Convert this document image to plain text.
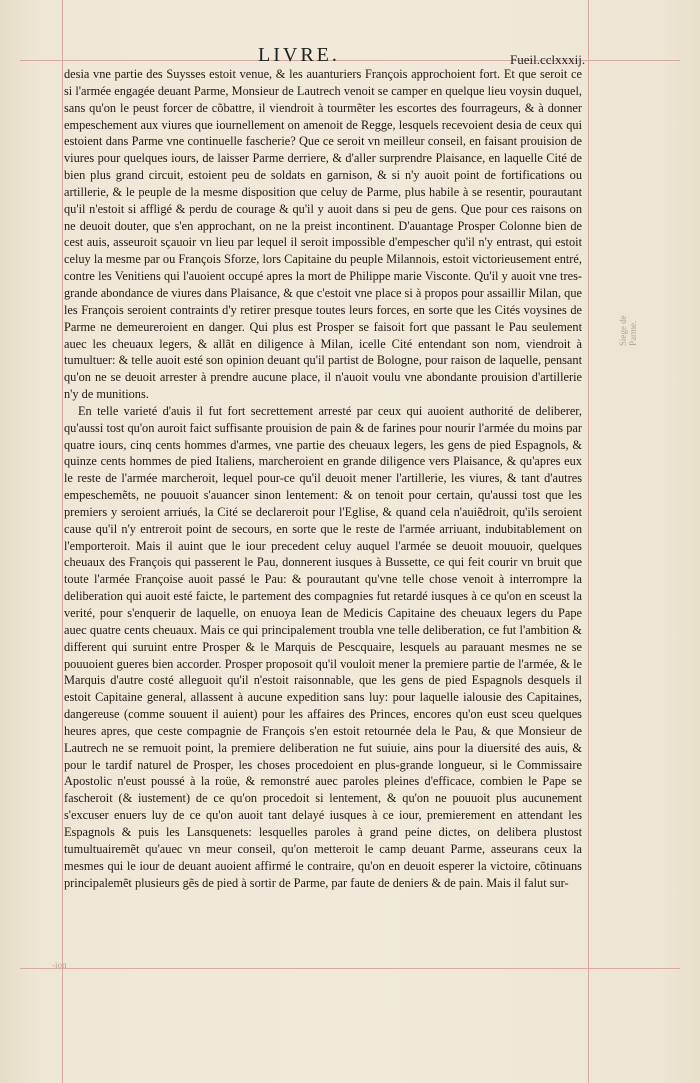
LIVRE.	Fueil.cclxxxij.
Siege de Parme.

desia vne partie des Suysses estoit venue, & les auanturiers François approchoient fort. Et que seroit ce si l'armée engagée deuant Parme, Monsieur de Lautrech venoit se camper en quelque lieu voysin duquel, sans qu'on le peust forcer de cõbattre, il viendroit à tourmẽter les escortes des fourrageurs, & à donner empeschement aux viures que iournellement on amenoit de Regge, lesquels recevoient desia de ceux qui estoient dans Parme vne continuelle fascherie? Que ce seroit vn meilleur conseil, en faisant prouision de viures pour quelques iours, de laisser Parme derriere, & d'aller surprendre Plaisance, en laquelle Cité de bien plus grand circuit, estoient peu de soldats en garnison, & si n'y auoit point de fortifications ou artillerie, & le peuple de la mesme disposition que celuy de Parme, plus habile à se resentir, pourautant qu'il n'estoit si affligé & perdu de courage & qu'il y auoit dans si peu de gens. Que pour ces raisons on ne deuoit douter, que s'en approchant, on ne la preist incontinent. D'auantage Prosper Colonne bien de cest auis, asseuroit sçauoir vn lieu par lequel il seroit impossible d'empescher qu'il n'y entrast, qui estoit celuy la mesme par ou François Sforze, lors Capitaine du peuple Milannois, estoit victorieusement entré, contre les Venitiens qui l'auoient occupé apres la mort de Philippe marie Visconte. Qu'il y auoit vne tres-grande abondance de viures dans Plaisance, & que c'estoit vne place si à propos pour assaillir Milan, que les François seroient contraints d'y retirer presque toutes leurs forces, en sorte que les Cités voysines de Parme ne demeureroient en danger. Qui plus est Prosper se faisoit fort que passant le Pau seulement auec les cheuaux legers, & allãt en diligence à Milan, icelle Cité entendant son nom, viendroit à tumultuer: & telle auoit esté son opinion deuant qu'il partist de Bologne, pour raison de laquelle, pensant qu'on ne se deuoit arrester à prendre aucune place, il n'auoit voulu vne abondante prouision d'artillerie n'y de munitions.

En telle varieté d'auis il fut fort secrettement arresté par ceux qui auoient authorité de deliberer, qu'aussi tost qu'on auroit faict suffisante prouision de pain & de farines pour nourir l'armée du moins par quatre iours, cinq cents hommes d'armes, vne partie des cheuaux legers, les gens de pied Espagnols, & quinze cents hommes de pied Italiens, marcheroient en grande diligence vers Plaisance, & qu'apres eux le reste de l'armée marcheroit, lequel pour-ce qu'il deuoit mener l'artillerie, les viures, & tant d'autres empeschemẽts, ne pouuoit s'auancer sinon lentement: & on tenoit pour certain, qu'aussi tost que les premiers y seroient arriués, la Cité se declareroit pour l'Eglise, & quand cela n'auiẽdroit, qu'ils seroient cause qu'il n'y entreroit point de secours, en sorte que le reste de l'armée arriuant, indubitablement on l'emporteroit. Mais il auint que le iour precedent celuy auquel l'armée se deuoit mouuoir, quelques cheuaux des François qui passerent le Pau, donnerent iusques à Bussette, ce qui feit courir vn bruit que toute l'armée Françoise auoit passé le Pau: & pourautant qu'vne telle chose venoit à interrompre la deliberation qui auoit esté faicte, le partement des compagnies fut retardé iusques à ce qu'on en sceust la verité, pour s'enquerir de laquelle, on enuoya Iean de Medicis Capitaine des cheuaux legers du Pape auec quatre cents cheuaux. Mais ce qui principalement troubla vne telle deliberation, ce fut l'ambition & different qui suruint entre Prosper & le Marquis de Pescquaire, lesquels au parauant mesmes ne se pouuoient gueres bien accorder. Prosper proposoit qu'il vouloit mener la premiere partie de l'armée, & le Marquis d'autre costé alleguoit qu'il n'estoit raisonnable, que les gens de pied Espagnols desquels il estoit Capitaine general, allassent à aucune expedition sans luy: pour laquelle ialousie des Capitaines, dangereuse (comme souuent il auient) pour les affaires des Princes, encores qu'on eust sceu quelques heures apres, que ceste compagnie de François s'en estoit retournée dela le Pau, & que Monsieur de Lautrech ne se remuoit point, la premiere deliberation ne fut suiuie, ains pour la diuersité des auis, & pour le tardif naturel de Prosper, les choses procedoient en plus-grande longueur, si le Commissaire Apostolic n'eust poussé à la roüe, & remonstré auec paroles pleines d'efficace, combien le Pape se fascheroit (& iustement) de ce qu'on procedoit si lentement, & qu'on ne pouuoit plus aucunement s'excuser enuers luy de ce qu'on auoit tant delayé iusques à ce iour, premierement en attendant les Espagnols & puis les Lansquenets: lesquelles paroles à grand peine dictes, on delibera plustost tumultuairemẽt qu'auec vn meur conseil, qu'on metteroit le camp deuant Parme, asseurans ceux la mesmes qui le iour de deuant auoient affirmé le contraire, qu'on en deuoit esperer la victoire, cõtinuans principalemẽt plusieurs gẽs de pied à sortir de Parme, par faute de deniers & de pain. Mais il falut sur-

-ion
